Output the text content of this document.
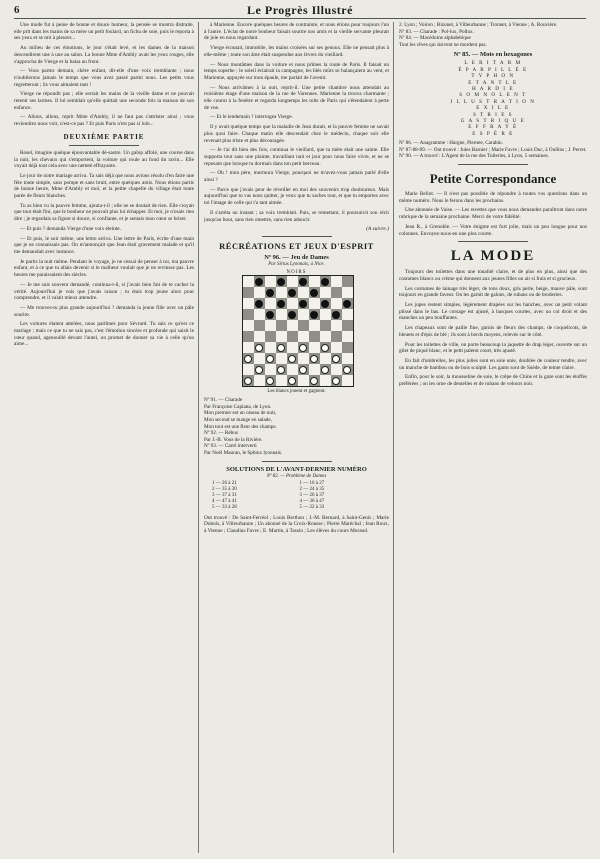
6	Le Progrès Illustré

Une mode fut à peine de bonne et douce humeur, la pensée se montra distraite, elle prit dans les mains de sa mère un petit foulard, un fichu de soie, puis le reporta à ses yeux et se mit à pleurer...

Au milieu de ces émotions, le jour s'était levé, et les dames de la maison descendirent une à une au salon. La bonne Mme d'Ambly avait les yeux rouges, elle s'approcha de Vierge et la baisa au front.

— Vous partez demain, chère enfant, dit-elle d'une voix tremblante ; nous n'oublierons jamais le temps que vous avez passé parmi nous. Les petits vous regretteront ; ils vous aimaient tant !

Vierge ne répondit pas ; elle serrait les mains de la vieille dame et ne pouvait retenir ses larmes. Il lui semblait qu'elle quittait une seconde fois la maison de son enfance.

— Allons, allons, reprit Mme d'Ambly, il ne faut pas s'attrister ainsi ; vous reviendrez nous voir, n'est-ce pas ? Et puis Paris n'est pas si loin...

DEUXIÈME PARTIE

Rosel, imagine quelque épouvantable dé-sastre. Un galop affolé, une course dans la nuit, les chevaux qui s'emportent, la voiture qui roule au fond du ravin... Elle voyait déjà tout cela avec une netteté effrayante.

Le jour de notre mariage arriva. Ta sais déjà que nous avions résolu d'en faire une fête toute simple, sans pompe et sans bruit, entre quelques amis. Nous étions partis de bonne heure, Mme d'Ambly et moi, et la petite chapelle du village était toute parée de fleurs blanches.

Tu as bien vu la pauvre femme, ajouta-t-il ; elle ne se doutait de rien. Elle croyait que tout était fini, que le bonheur ne pouvait plus lui échapper. Et moi, je n'osais rien dire ; je regardais sa figure si douce, si confiante, et je sentais mon cœur se briser.

— Et puis ? demanda Vierge d'une voix éteinte.

— Et puis, le soir même, une lettre arriva. Une lettre de Paris, écrite d'une main que je ne connaissais pas. On m'annonçait que Jean était gravement malade et qu'il me demandait avec instance.

Je partis la nuit même. Pendant le voyage, je ne cessai de penser à toi, ma pauvre enfant, et à ce que tu allais devenir si le malheur voulait que je ne revinsse pas. Les heures me paraissaient des siècles.

— Je me suis souvent demandé, continua-t-il, si j'avais bien fait de te cacher la vérité. Aujourd'hui je vois que j'avais raison ; tu étais trop jeune alors pour comprendre, et il valait mieux attendre.

— Me trouves-tu plus grande aujourd'hui ? demanda la jeune fille avec un pâle sourire.

Les voitures étaient attelées, nous partîmes pour Sévrard. Tu sais ce qu'est ce mariage ; mais ce que tu ne sais pas, c'est l'émotion sincère et profonde qui saisit le cœur quand, agenouillé devant l'autel, on promet de donner sa vie à celle qu'on aime...

à Marienne. Encore quelques heures de contrainte, et nous étions pour toujours l'un à l'autre. L'éclat de notre bonheur faisait sourire nos amis et la vieille servante pleurait de joie en nous regardant.

Vierge écoutait, immobile, les mains croisées sur ses genoux. Elle ne pensait plus à elle-même ; toute son âme était suspendue aux lèvres du vieillard.

— Nous montâmes dans la voiture et nous prîmes la route de Paris. Il faisait un temps superbe ; le soleil éclairait la campagne, les blés mûrs se balançaient au vent, et Marienne, appuyée sur mon épaule, me parlait de l'avenir.

— Nous arrivâmes à la nuit, reprit-il. Une petite chambre nous attendait au troisième étage d'une maison de la rue de Varennes. Marienne la trouva charmante ; elle courut à la fenêtre et regarda longtemps les toits de Paris qui s'étendaient à perte de vue.

— Et le lendemain ? interrogea Vierge.

Il y avait quelque temps que la maladie de Jean durait, et la pauvre femme ne savait plus quoi faire. Chaque matin elle descendait chez le médecin, chaque soir elle revenait plus triste et plus découragée.

— Je t'ai dit bien des fois, continua le vieillard, que ta mère était une sainte. Elle supporta tout sans une plainte, travaillant nuit et jour pour nous faire vivre, et ne se reposant que lorsque tu dormais dans ton petit berceau.

— Oh ! mon père, murmura Vierge, pourquoi ne m'avez-vous jamais parlé d'elle ainsi ?

— Parce que j'avais peur de réveiller en moi des souvenirs trop douloureux. Mais aujourd'hui que tu vas nous quitter, je veux que tu saches tout, et que tu emportes avec toi l'image de celle qui t'a tant aimée.

Il s'arrêta un instant ; sa voix tremblait. Puis, se remettant, il poursuivit son récit jusqu'au bout, sans rien omettre, sans rien adoucir.

(A suivre.)
RÉCRÉATIONS ET JEUX D'ESPRIT
Nº 96. — Jeu de Dames
Par Sirius Lyonnais, à Nice.
NOIRS
Les blancs jouent et gagnent.
Nº 91. — Charade
Par Françoise Capiana, de Lyon.
Mon premier est un oiseau de nuit,
Mon second se mange en salade,
Mon tout est une fleur des champs.
Nº 92. — Rébus
Par J.-B. Vous de la Rivière.
Nº 93. — Carré interverti
Par Noël Mauran, le Sphinx lyonnais.
SOLUTIONS DE L'AVANT-DERNIER NUMÉRO
Nº 82. — Problème de Dames
1 — 26 à 21
2 — 35 à 30
3 — 37 à 31
4 — 47 à 41
5 — 33 à 28
1 — 16 à 27
2 — 24 à 35
3 — 26 à 37
4 — 36 à 47
5 — 22 à 33

Ont trouvé : De Saint-Ferréol ; Louis Berthon ; J.-M. Bernard, à Saint-Genis ; Marie Dubois, à Villeurbanne ; Un abonné de la Croix-Rousse ; Pierre Maréchal ; Jean Roux, à Vienne ; Claudius Favre ; E. Martin, à Tassin ; Les élèves du cours Morand.

2. Lyon ; Voiron ; Bizonet, à Villeurbanne ; Tronnet, à Vienne ; A. Rouvière.
Nº 83. — Charade : Pol-lux, Pollux.
Nº 84. — Macédoine alphabétique
Tout les rêves qui doivent ne mordent pas.
Nº 85. — Mots en hexagones
L E R I T A R M
É P A R P I L L É E
T Y P H O N
E T A N T L E
H A R D I E
S O M N O L E N T
I L L U S T R A T I O N
E X I L E
S T R I E S
G A S T R I Q U E
E F F R A Y É
E S P É R E
Nº 86. — Anagramme : Hargne, Piernee, Carabin.
Nº 87-88-89. — Ont trouvé : Jules Barnier ; Marie Favre ; Louis Duc, à Oullins ; J. Perret.
Nº 90. — A trouvé : L'Agent de la rue des Tuileries, à Lyon, 5 semaines.
Petite Correspondance

Marie Bellot. — Il n'est pas possible de répondre à toutes vos questions dans un même numéro. Nous le ferons dans les prochains.

Une abonnée de Vaise. — Les recettes que vous nous demandez paraîtront dans notre rubrique de la semaine prochaine. Merci de votre fidélité.

Jean R., à Grenoble. — Votre énigme est fort jolie, mais un peu longue pour nos colonnes. Envoyez-nous-en une plus courte.

LA MODE

Toujours des toilettes dans une tonalité claire, et de plus en plus, ainsi que des costumes blancs ou crème qui donnent aux jeunes filles un air si frais et si gracieux.

Les costumes de lainage très léger, de tons doux, gris perle, beige, mauve pâle, sont toujours en grande faveur. On les garnit de galons, de rubans ou de broderies.

Les jupes restent simples, légèrement drapées sur les hanches, avec un petit volant plissé dans le bas. Le corsage est ajusté, à basques courtes, avec un col droit et des manches un peu bouffantes.

Les chapeaux sont de paille fine, garnis de fleurs des champs, de coquelicots, de bleuets et d'épis de blé ; ils sont à bords moyens, relevés sur le côté.

Pour les toilettes de ville, on porte beaucoup la jaquette de drap léger, ouverte sur un gilet de piqué blanc, et le petit paletot court, très ajusté.

En fait d'ombrelles, les plus jolies sont en soie unie, doublée de couleur tendre, avec un manche de bambou ou de bois sculpté. Les gants sont de Suède, de teinte claire.

Enfin, pour le soir, la mousseline de soie, le crêpe de Chine et la gaze sont les étoffes préférées ; on les orne de dentelles et de rubans de velours noir.
